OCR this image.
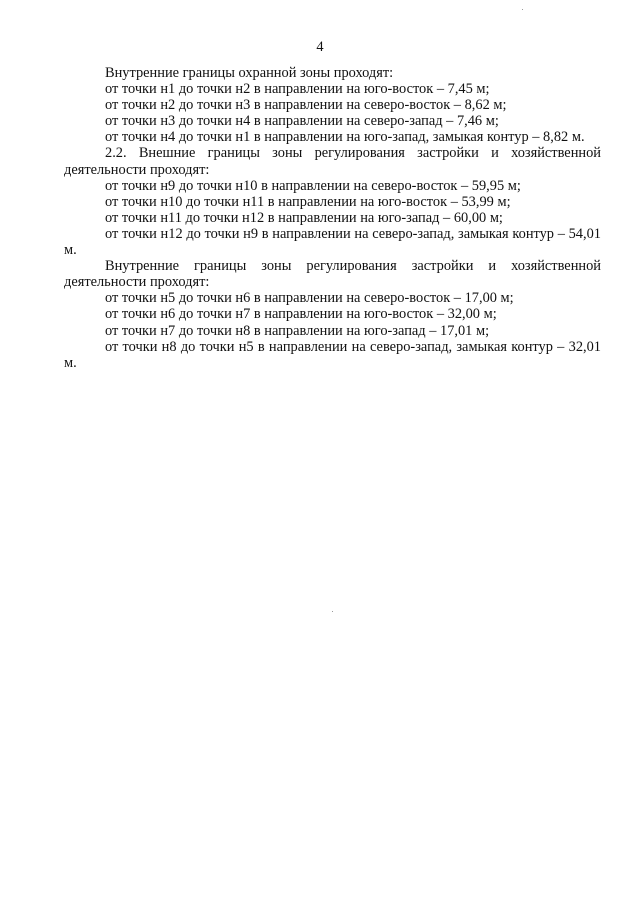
4

Внутренние границы охранной зоны проходят:

от точки н1 до точки н2 в направлении на юго-восток – 7,45 м;

от точки н2 до точки н3 в направлении на северо-восток – 8,62 м;

от точки н3 до точки н4 в направлении на северо-запад – 7,46 м;

от точки н4 до точки н1 в направлении на юго-запад, замыкая контур – 8,82 м.

2.2. Внешние границы зоны регулирования застройки и хозяйственной деятельности проходят:

от точки н9 до точки н10 в направлении на северо-восток – 59,95 м;

от точки н10 до точки н11 в направлении на юго-восток – 53,99 м;

от точки н11 до точки н12 в направлении на юго-запад – 60,00 м;

от точки н12 до точки н9 в направлении на северо-запад, замыкая контур – 54,01 м.

Внутренние границы зоны регулирования застройки и хозяйственной деятельности проходят:

от точки н5 до точки н6 в направлении на северо-восток – 17,00 м;

от точки н6 до точки н7 в направлении на юго-восток – 32,00 м;

от точки н7 до точки н8 в направлении на юго-запад – 17,01 м;

от точки н8 до точки н5 в направлении на северо-запад, замыкая контур – 32,01 м.
